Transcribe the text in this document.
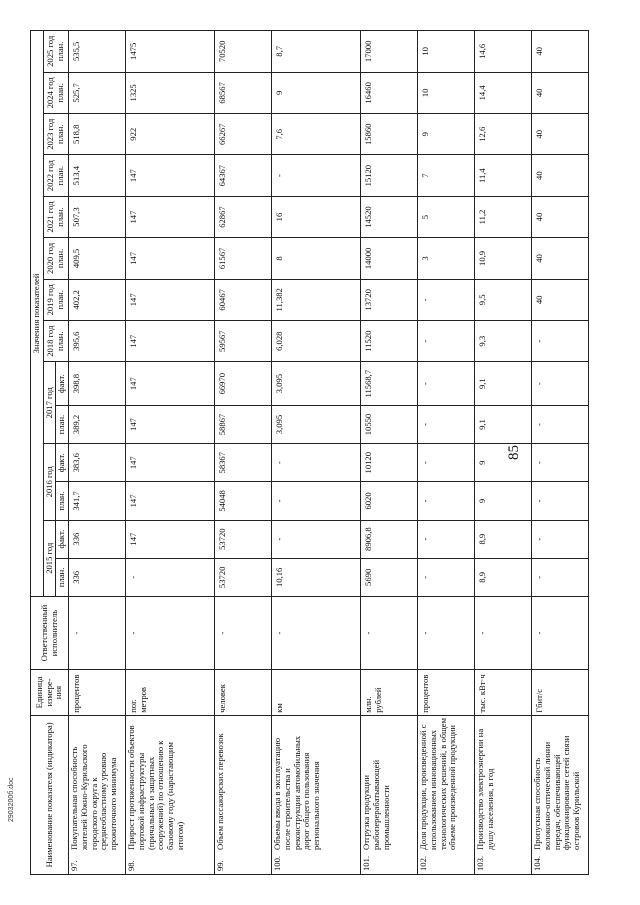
Наименование показателя (индикатора)	Единица измере-ния	Ответственный исполнитель	Значения показателей													
			2015 год		2016 год		2017 год		2018 год план.	2019 год план.	2020 год план.	2021 год план.	2022 год план.	2023 год план.	2024 год план.	2025 год план.
			план.	факт.	план.	факт.	план.	факт.								

97.
Покупательная способность жителей Южно-Курильского городского округа к среднеобластному уровню прожиточного минимума	процентов	-	336	336	341,7	383,6	389,2	398,8	395,6	402,2	409,5	507,3	513,4	518,8	525,7	535,5

98.
Прирост протяженности объектов портовой инфраструктуры (причальных и защитных сооружений) по отношению к базовому году (нарастающим итогом)	пог. метров	-	-	147	147	147	147	147	147	147	147	147	147	922	1325	1475

99.
Объем пассажирских перевозок	человек	-	53720	53720	54048	58367	58867	66970	59567	60467	61567	62867	64367	66267	68567	70520

100.
Объемы ввода в эксплуатацию после строительства и реконструкции автомобильных дорог общего пользования регионального значения	км	-	10,16	-	-	-	3,095	3,095	6,028	11,382	8	16	-	7,6	9	8,7

101.
Отгрузка продукции рыбоперерабатывающей промышленности	млн. рублей	-	5690	8906,8	6020	10120	10550	11568,7	11520	13720	14000	14520	15120	15860	16460	17000

102.
Доля продукции, произведенной с использованием инновационных технологических решений, в общем объеме произведенной продукции	процентов	-	-	-	-	-	-	-	-	-	3	5	7	9	10	10

103.
Производство электроэнергии на душу населения, в год	тыс. кВт·ч	-	8,9	8,9	9	9	9,1	9,1	9,3	9,5	10,9	11,2	11,4	12,6	14,4	14,6

104.
Пропускная способность волоконно-оптической линии передач, обеспечивающей функционирование сетей связи островов Курильской	Гбит/с	-	-	-	-	-	-	-	-	40	40	40	40	40	40	40
85
2903200б.doc
